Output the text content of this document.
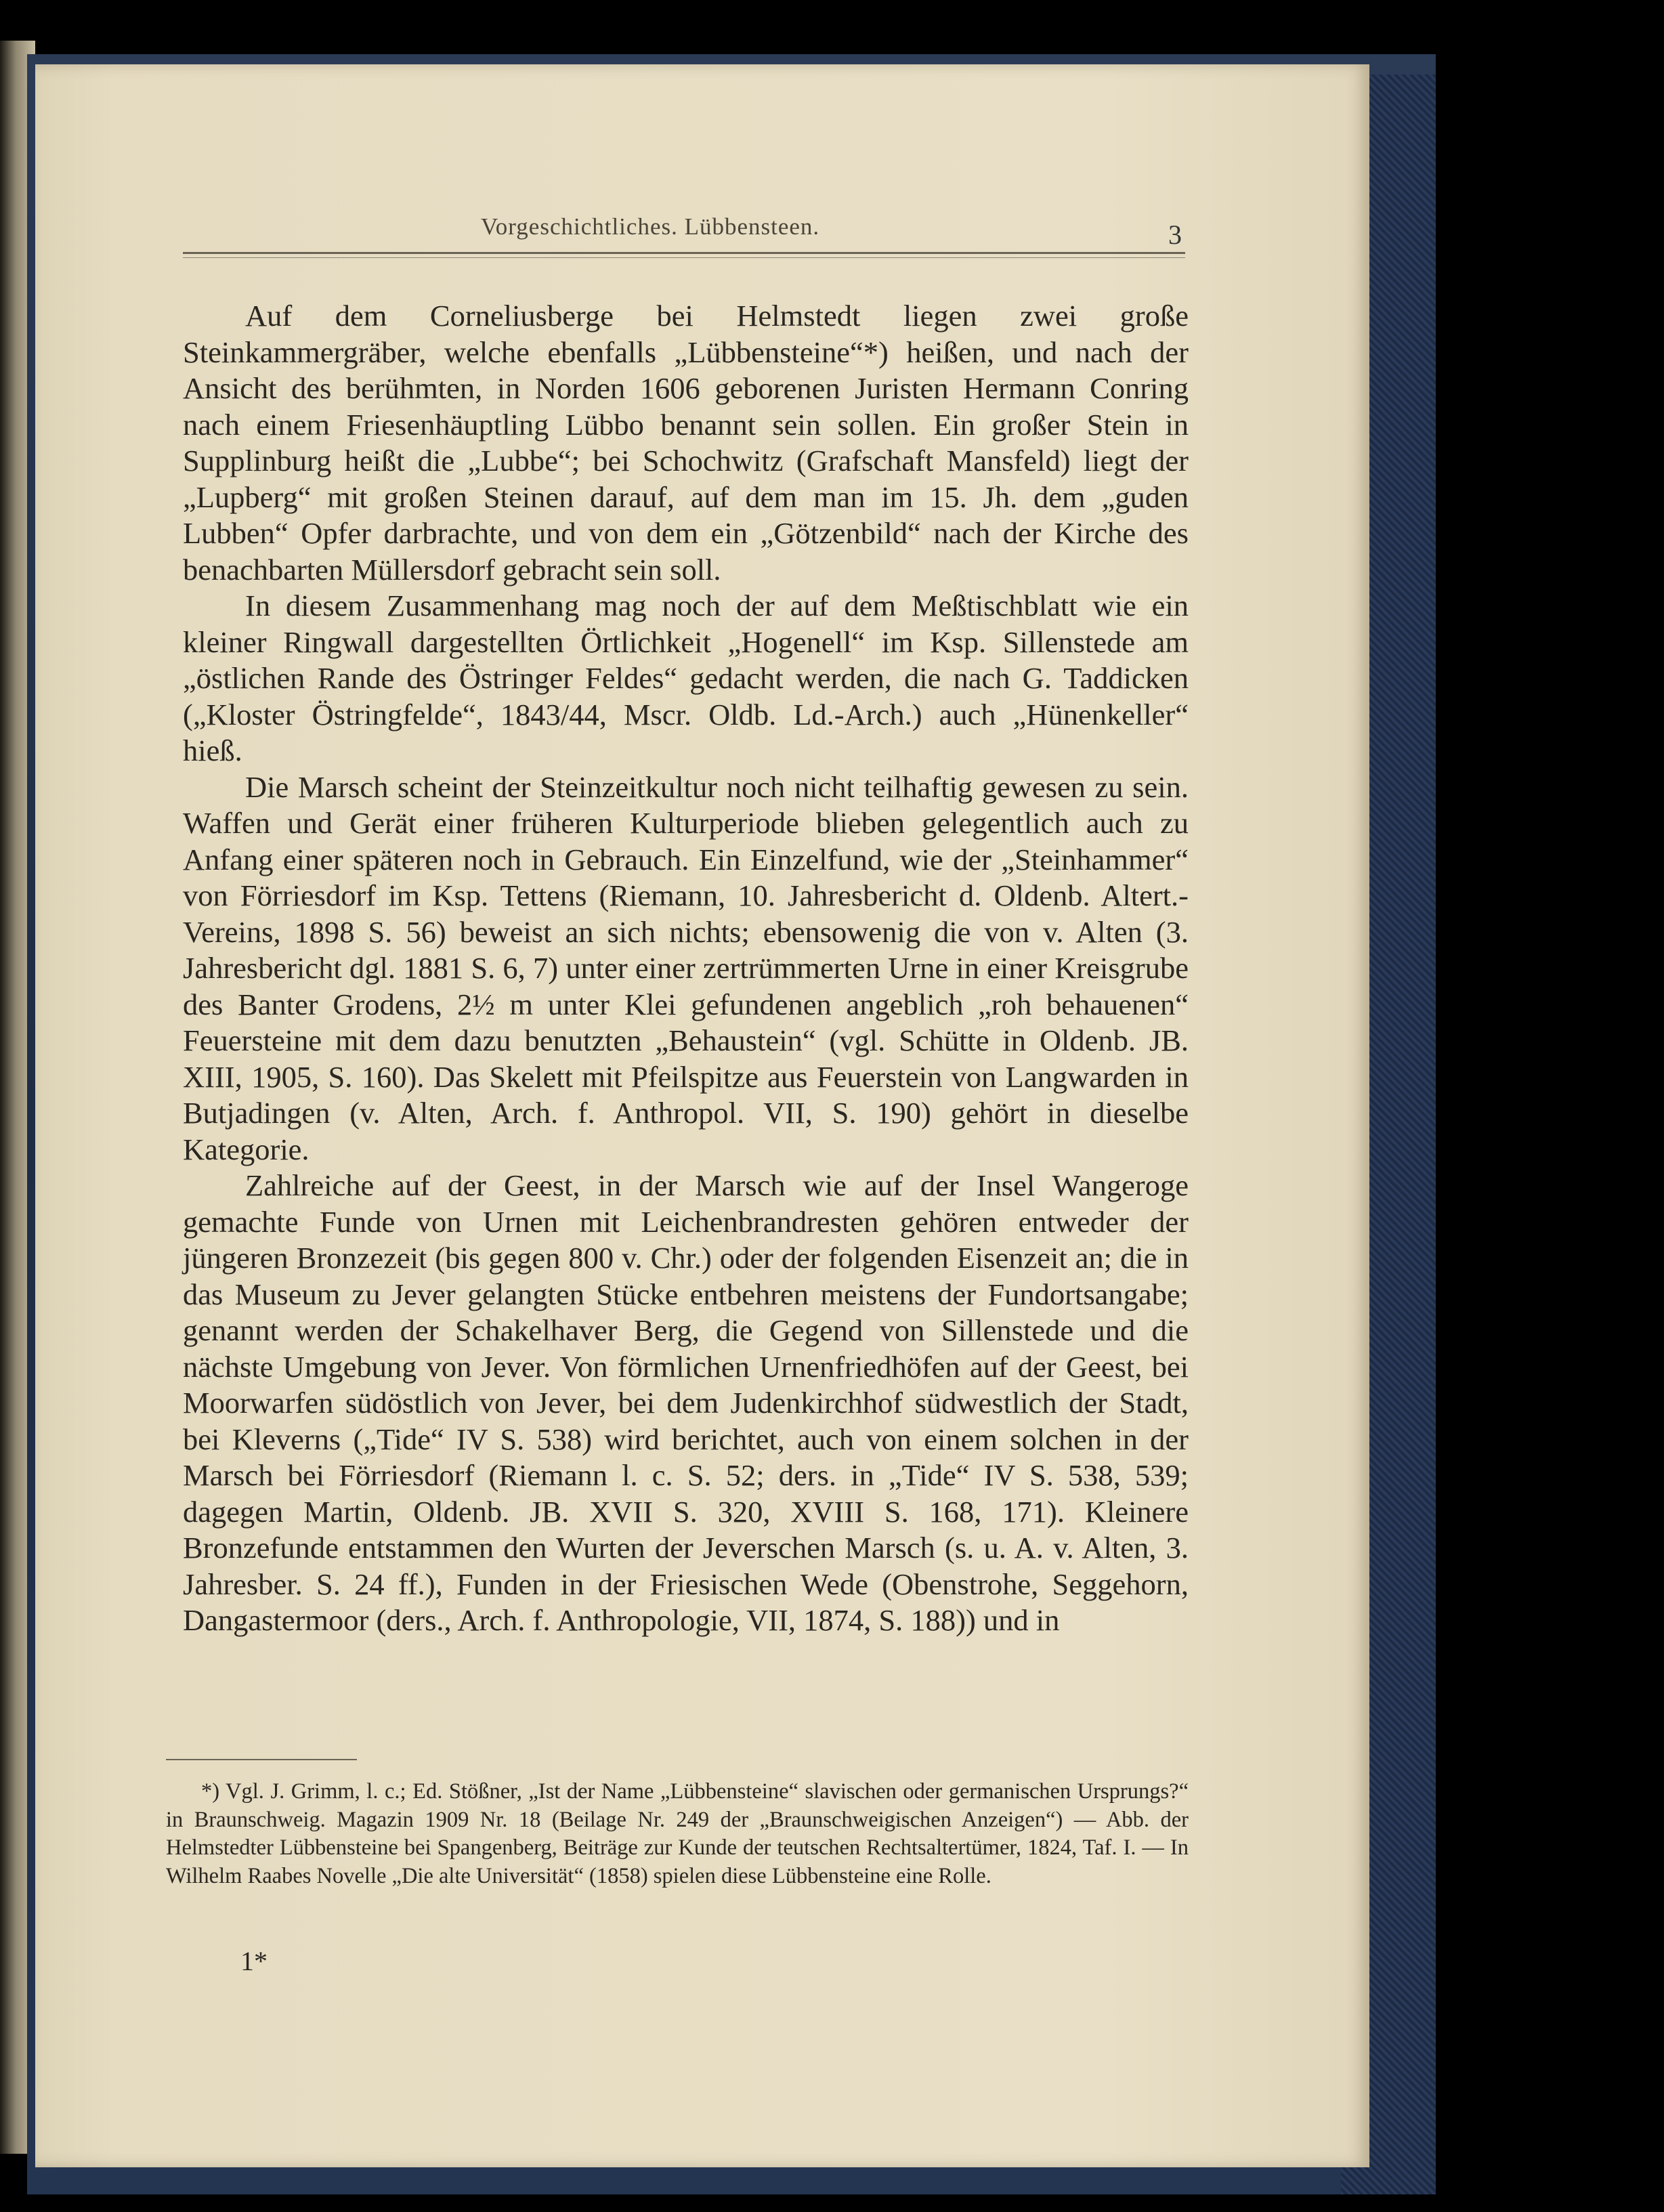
Vorgeschichtliches. Lübbensteen.	3

Auf dem Corneliusberge bei Helmstedt liegen zwei große Steinkammergräber, welche ebenfalls „Lübbensteine“*) heißen, und nach der Ansicht des berühmten, in Norden 1606 geborenen Juristen Hermann Conring nach einem Friesenhäuptling Lübbo benannt sein sollen. Ein großer Stein in Supplinburg heißt die „Lubbe“; bei Schochwitz (Grafschaft Mansfeld) liegt der „Lupberg“ mit großen Steinen darauf, auf dem man im 15. Jh. dem „guden Lubben“ Opfer darbrachte, und von dem ein „Götzenbild“ nach der Kirche des benachbarten Müllersdorf gebracht sein soll.

In diesem Zusammenhang mag noch der auf dem Meßtischblatt wie ein kleiner Ringwall dargestellten Örtlichkeit „Hogenell“ im Ksp. Sillenstede am „östlichen Rande des Östringer Feldes“ gedacht werden, die nach G. Taddicken („Kloster Östringfelde“, 1843/44, Mscr. Oldb. Ld.-Arch.) auch „Hünenkeller“ hieß.

Die Marsch scheint der Steinzeitkultur noch nicht teilhaftig gewesen zu sein. Waffen und Gerät einer früheren Kulturperiode blieben gelegentlich auch zu Anfang einer späteren noch in Gebrauch. Ein Einzelfund, wie der „Steinhammer“ von Förriesdorf im Ksp. Tettens (Riemann, 10. Jahresbericht d. Oldenb. Altert.-Vereins, 1898 S. 56) beweist an sich nichts; ebensowenig die von v. Alten (3. Jahresbericht dgl. 1881 S. 6, 7) unter einer zertrümmerten Urne in einer Kreisgrube des Banter Grodens, 2½ m unter Klei gefundenen angeblich „roh behauenen“ Feuersteine mit dem dazu benutzten „Behaustein“ (vgl. Schütte in Oldenb. JB. XIII, 1905, S. 160). Das Skelett mit Pfeilspitze aus Feuerstein von Langwarden in Butjadingen (v. Alten, Arch. f. Anthropol. VII, S. 190) gehört in dieselbe Kategorie.

Zahlreiche auf der Geest, in der Marsch wie auf der Insel Wangeroge gemachte Funde von Urnen mit Leichenbrandresten gehören entweder der jüngeren Bronzezeit (bis gegen 800 v. Chr.) oder der folgenden Eisenzeit an; die in das Museum zu Jever gelangten Stücke entbehren meistens der Fundortsangabe; genannt werden der Schakelhaver Berg, die Gegend von Sillenstede und die nächste Umgebung von Jever. Von förmlichen Urnenfriedhöfen auf der Geest, bei Moorwarfen südöstlich von Jever, bei dem Judenkirchhof südwestlich der Stadt, bei Kleverns („Tide“ IV S. 538) wird berichtet, auch von einem solchen in der Marsch bei Förriesdorf (Riemann l. c. S. 52; ders. in „Tide“ IV S. 538, 539; dagegen Martin, Oldenb. JB. XVII S. 320, XVIII S. 168, 171). Kleinere Bronzefunde entstammen den Wurten der Jeverschen Marsch (s. u. A. v. Alten, 3. Jahresber. S. 24 ff.), Funden in der Friesischen Wede (Obenstrohe, Seggehorn, Dangastermoor (ders., Arch. f. Anthropologie, VII, 1874, S. 188)) und in

*) Vgl. J. Grimm, l. c.; Ed. Stößner, „Ist der Name „Lübbensteine“ slavischen oder germanischen Ursprungs?“ in Braunschweig. Magazin 1909 Nr. 18 (Beilage Nr. 249 der „Braunschweigischen Anzeigen“) — Abb. der Helmstedter Lübbensteine bei Spangenberg, Beiträge zur Kunde der teutschen Rechtsaltertümer, 1824, Taf. I. — In Wilhelm Raabes Novelle „Die alte Universität“ (1858) spielen diese Lübbensteine eine Rolle.
1*
